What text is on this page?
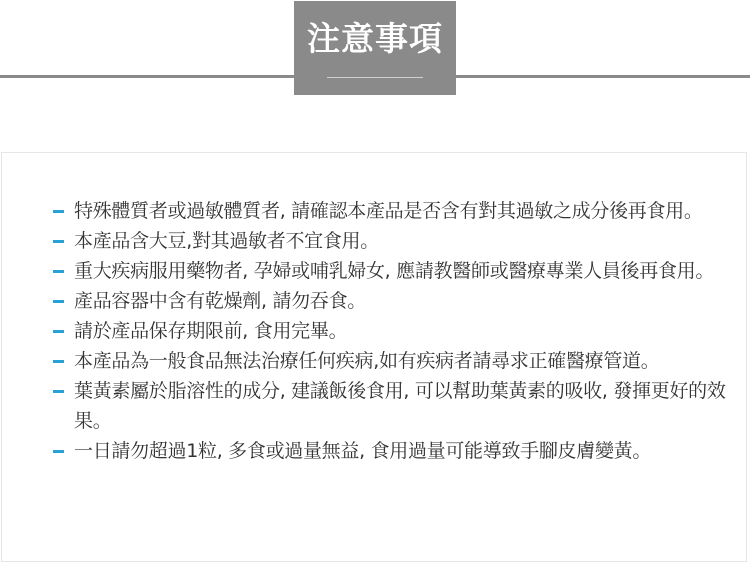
注意事項
特殊體質者或過敏體質者, 請確認本產品是否含有對其過敏之成分後再食用。
本產品含大豆,對其過敏者不宜食用。
重大疾病服用藥物者, 孕婦或哺乳婦女, 應請教醫師或醫療專業人員後再食用。
產品容器中含有乾燥劑, 請勿吞食。
請於產品保存期限前, 食用完畢。
本產品為一般食品無法治療任何疾病,如有疾病者請尋求正確醫療管道。
葉黃素屬於脂溶性的成分, 建議飯後食用, 可以幫助葉黃素的吸收, 發揮更好的效果。
一日請勿超過1粒, 多食或過量無益, 食用過量可能導致手腳皮膚變黃。
